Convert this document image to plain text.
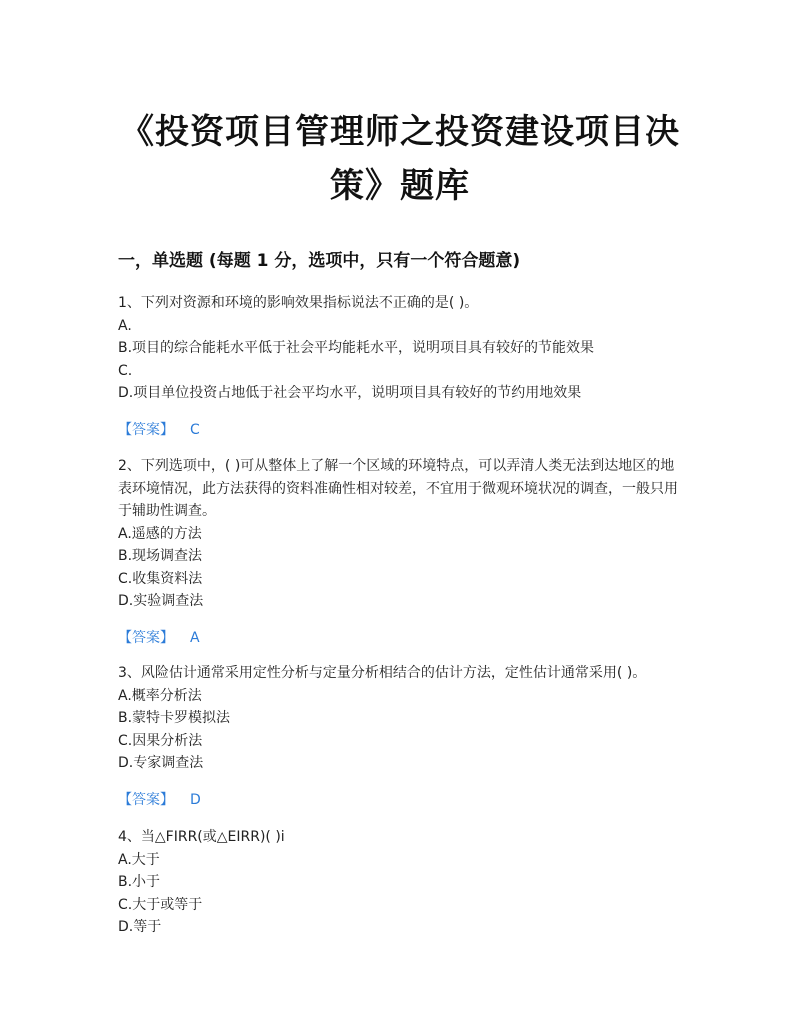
《投资项目管理师之投资建设项目决
策》题库
一，单选题 (每题 1 分，选项中，只有一个符合题意)

1、下列对资源和环境的影响效果指标说法不正确的是( )。

A.

B.项目的综合能耗水平低于社会平均能耗水平，说明项目具有较好的节能效果

C.

D.项目单位投资占地低于社会平均水平，说明项目具有较好的节约用地效果

【答案】 C

2、下列选项中，( )可从整体上了解一个区域的环境特点，可以弄清人类无法到达地区的地表环境情况，此方法获得的资料准确性相对较差，不宜用于微观环境状况的调查，一般只用于辅助性调查。

A.遥感的方法

B.现场调查法

C.收集资料法

D.实验调查法

【答案】 A

3、风险估计通常采用定性分析与定量分析相结合的估计方法，定性估计通常采用( )。

A.概率分析法

B.蒙特卡罗模拟法

C.因果分析法

D.专家调查法

【答案】 D

4、当△FIRR(或△EIRR)( )i

A.大于

B.小于

C.大于或等于

D.等于
